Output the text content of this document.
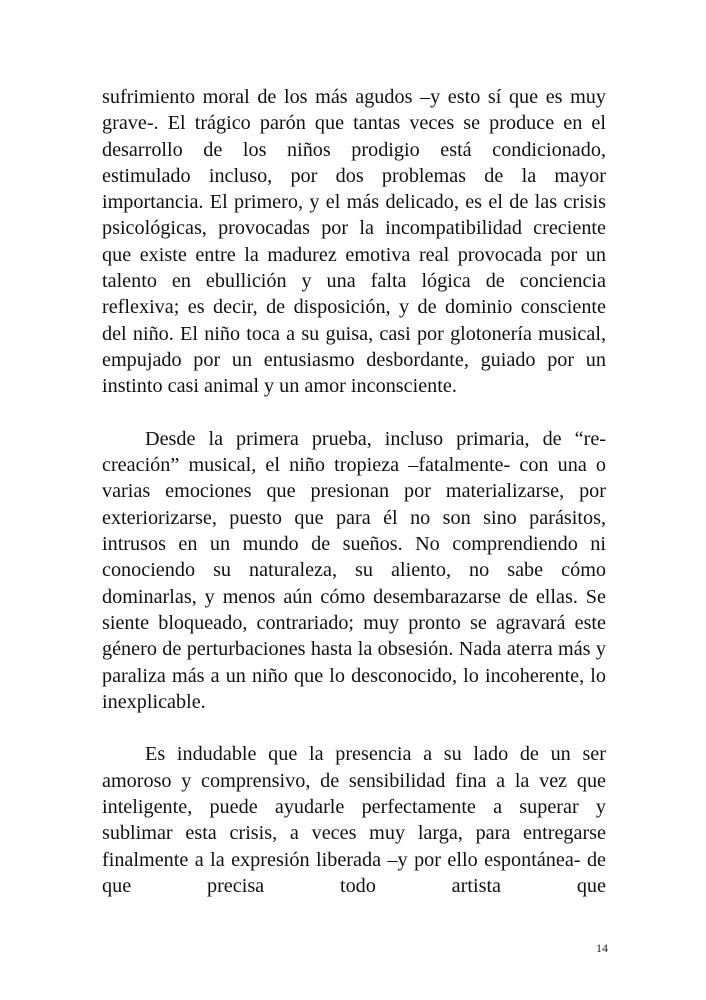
sufrimiento moral de los más agudos –y esto sí que es muy grave-. El trágico parón que tantas veces se produce en el desarrollo de los niños prodigio está condicionado, estimulado incluso, por dos problemas de la mayor importancia. El primero, y el más delicado, es el de las crisis psicológicas, provocadas por la incompatibilidad creciente que existe entre la madurez emotiva real provocada por un talento en ebullición y una falta lógica de conciencia reflexiva; es decir, de disposición, y de dominio consciente del niño. El niño toca a su guisa, casi por glotonería musical, empujado por un entusiasmo desbordante, guiado por un instinto casi animal y un amor inconsciente.

Desde la primera prueba, incluso primaria, de “re-creación” musical, el niño tropieza –fatalmente- con una o varias emociones que presionan por materializarse, por exteriorizarse, puesto que para él no son sino parásitos, intrusos en un mundo de sueños. No comprendiendo ni conociendo su naturaleza, su aliento, no sabe cómo dominarlas, y menos aún cómo desembarazarse de ellas. Se siente bloqueado, contrariado; muy pronto se agravará este género de perturbaciones hasta la obsesión. Nada aterra más y paraliza más a un niño que lo desconocido, lo incoherente, lo inexplicable.

Es indudable que la presencia a su lado de un ser amoroso y comprensivo, de sensibilidad fina a la vez que inteligente, puede ayudarle perfectamente a superar y sublimar esta crisis, a veces muy larga, para entregarse finalmente a la expresión liberada –y por ello espontánea- de que precisa todo artista que

14
